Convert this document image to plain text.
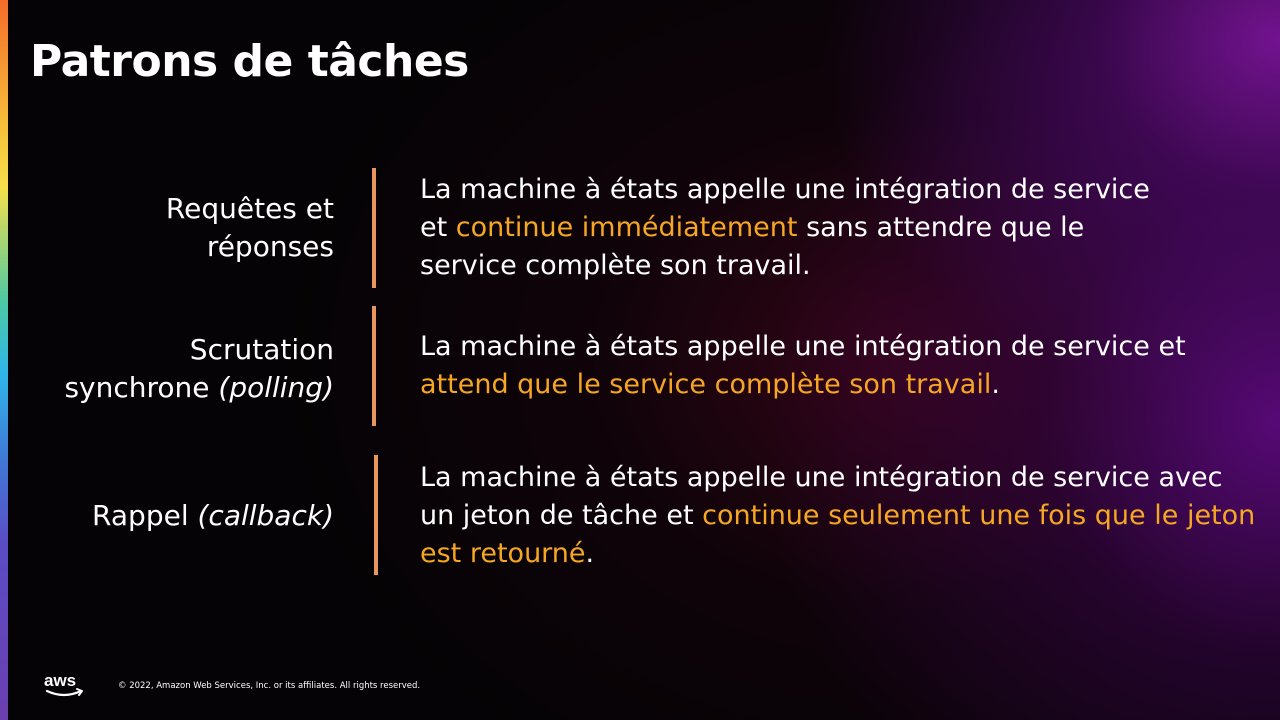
Patrons de tâches
Requêtes et
réponses
La machine à états appelle une intégration de service et continue immédiatement sans attendre que le service complète son travail.
Scrutation
synchrone (polling)
La machine à états appelle une intégration de service et attend que le service complète son travail.
Rappel (callback)
La machine à états appelle une intégration de service avec un jeton de tâche et continue seulement une fois que le jeton est retourné.
aws	© 2022, Amazon Web Services, Inc. or its affiliates. All rights reserved.
